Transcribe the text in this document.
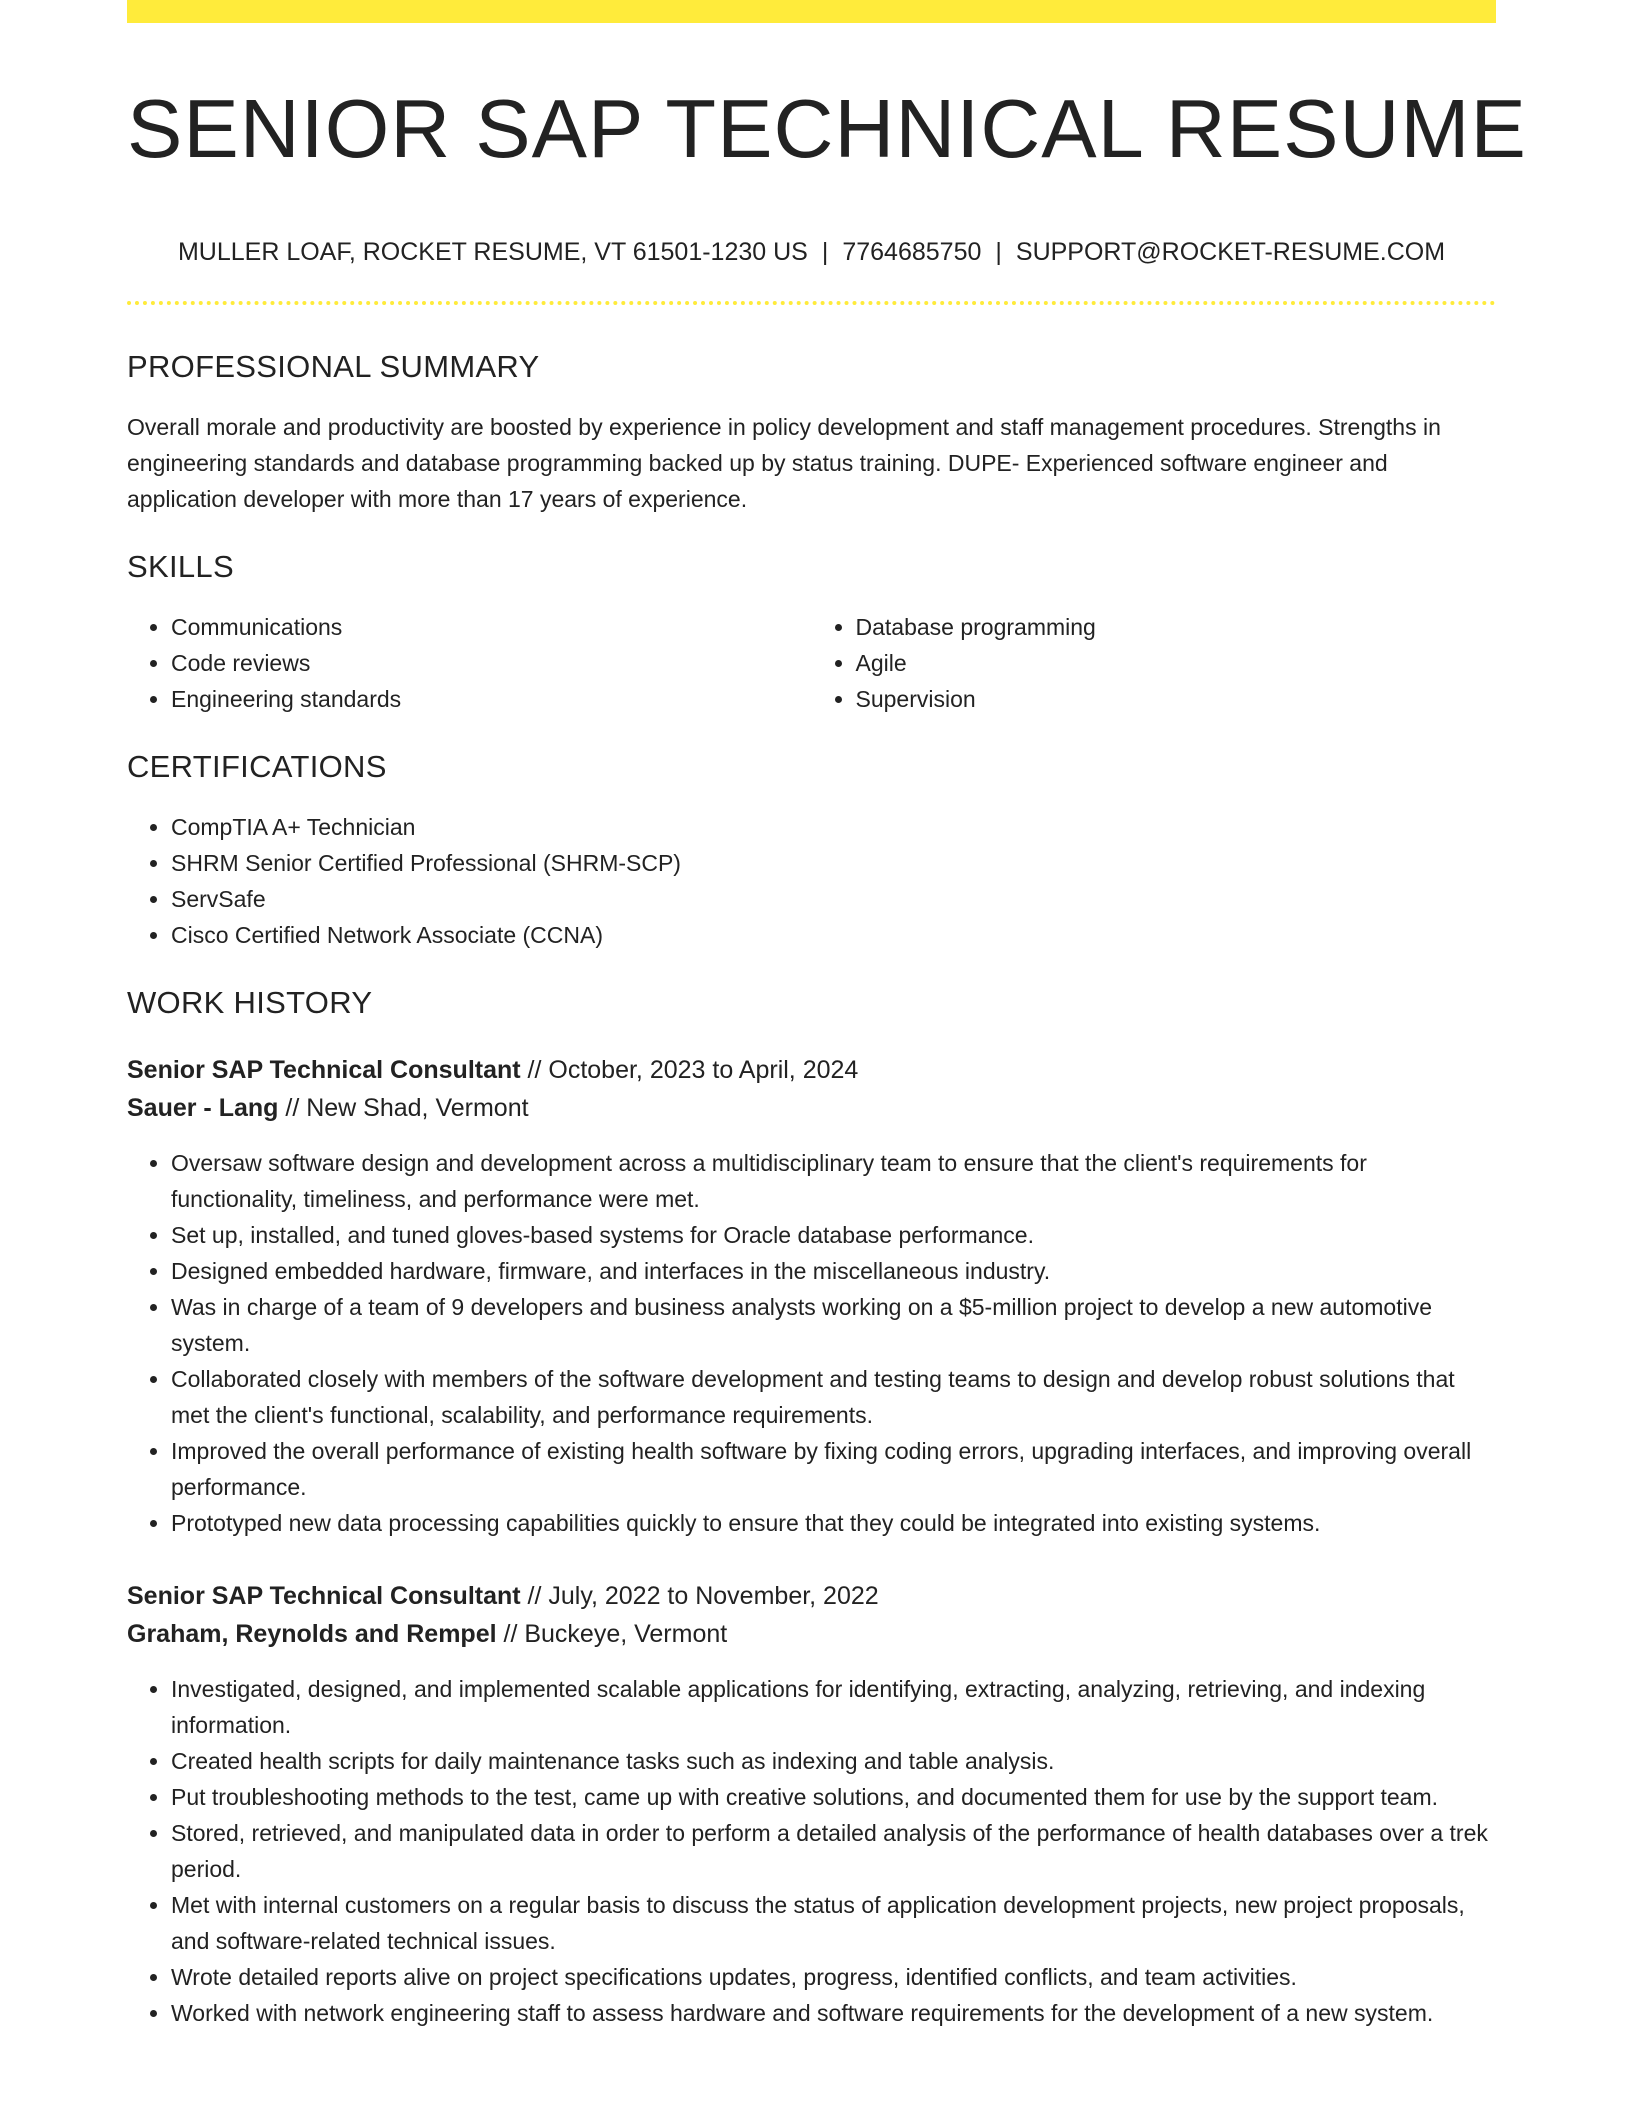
SENIOR SAP TECHNICAL RESUME
MULLER LOAF, ROCKET RESUME, VT 61501-1230 US | 7764685750 | SUPPORT@ROCKET-RESUME.COM
PROFESSIONAL SUMMARY

Overall morale and productivity are boosted by experience in policy development and staff management procedures. Strengths in engineering standards and database programming backed up by status training. DUPE- Experienced software engineer and application developer with more than 17 years of experience.

SKILLS
• Communications
• Code reviews
• Engineering standards
• Database programming
• Agile
• Supervision
CERTIFICATIONS
• CompTIA A+ Technician
• SHRM Senior Certified Professional (SHRM-SCP)
• ServSafe
• Cisco Certified Network Associate (CCNA)
WORK HISTORY
Senior SAP Technical Consultant // October, 2023 to April, 2024
Sauer - Lang // New Shad, Vermont
• Oversaw software design and development across a multidisciplinary team to ensure that the client's requirements for functionality, timeliness, and performance were met.
• Set up, installed, and tuned gloves-based systems for Oracle database performance.
• Designed embedded hardware, firmware, and interfaces in the miscellaneous industry.
• Was in charge of a team of 9 developers and business analysts working on a $5-million project to develop a new automotive system.
• Collaborated closely with members of the software development and testing teams to design and develop robust solutions that met the client's functional, scalability, and performance requirements.
• Improved the overall performance of existing health software by fixing coding errors, upgrading interfaces, and improving overall performance.
• Prototyped new data processing capabilities quickly to ensure that they could be integrated into existing systems.
Senior SAP Technical Consultant // July, 2022 to November, 2022
Graham, Reynolds and Rempel // Buckeye, Vermont
• Investigated, designed, and implemented scalable applications for identifying, extracting, analyzing, retrieving, and indexing information.
• Created health scripts for daily maintenance tasks such as indexing and table analysis.
• Put troubleshooting methods to the test, came up with creative solutions, and documented them for use by the support team.
• Stored, retrieved, and manipulated data in order to perform a detailed analysis of the performance of health databases over a trek period.
• Met with internal customers on a regular basis to discuss the status of application development projects, new project proposals, and software-related technical issues.
• Wrote detailed reports alive on project specifications updates, progress, identified conflicts, and team activities.
• Worked with network engineering staff to assess hardware and software requirements for the development of a new system.
